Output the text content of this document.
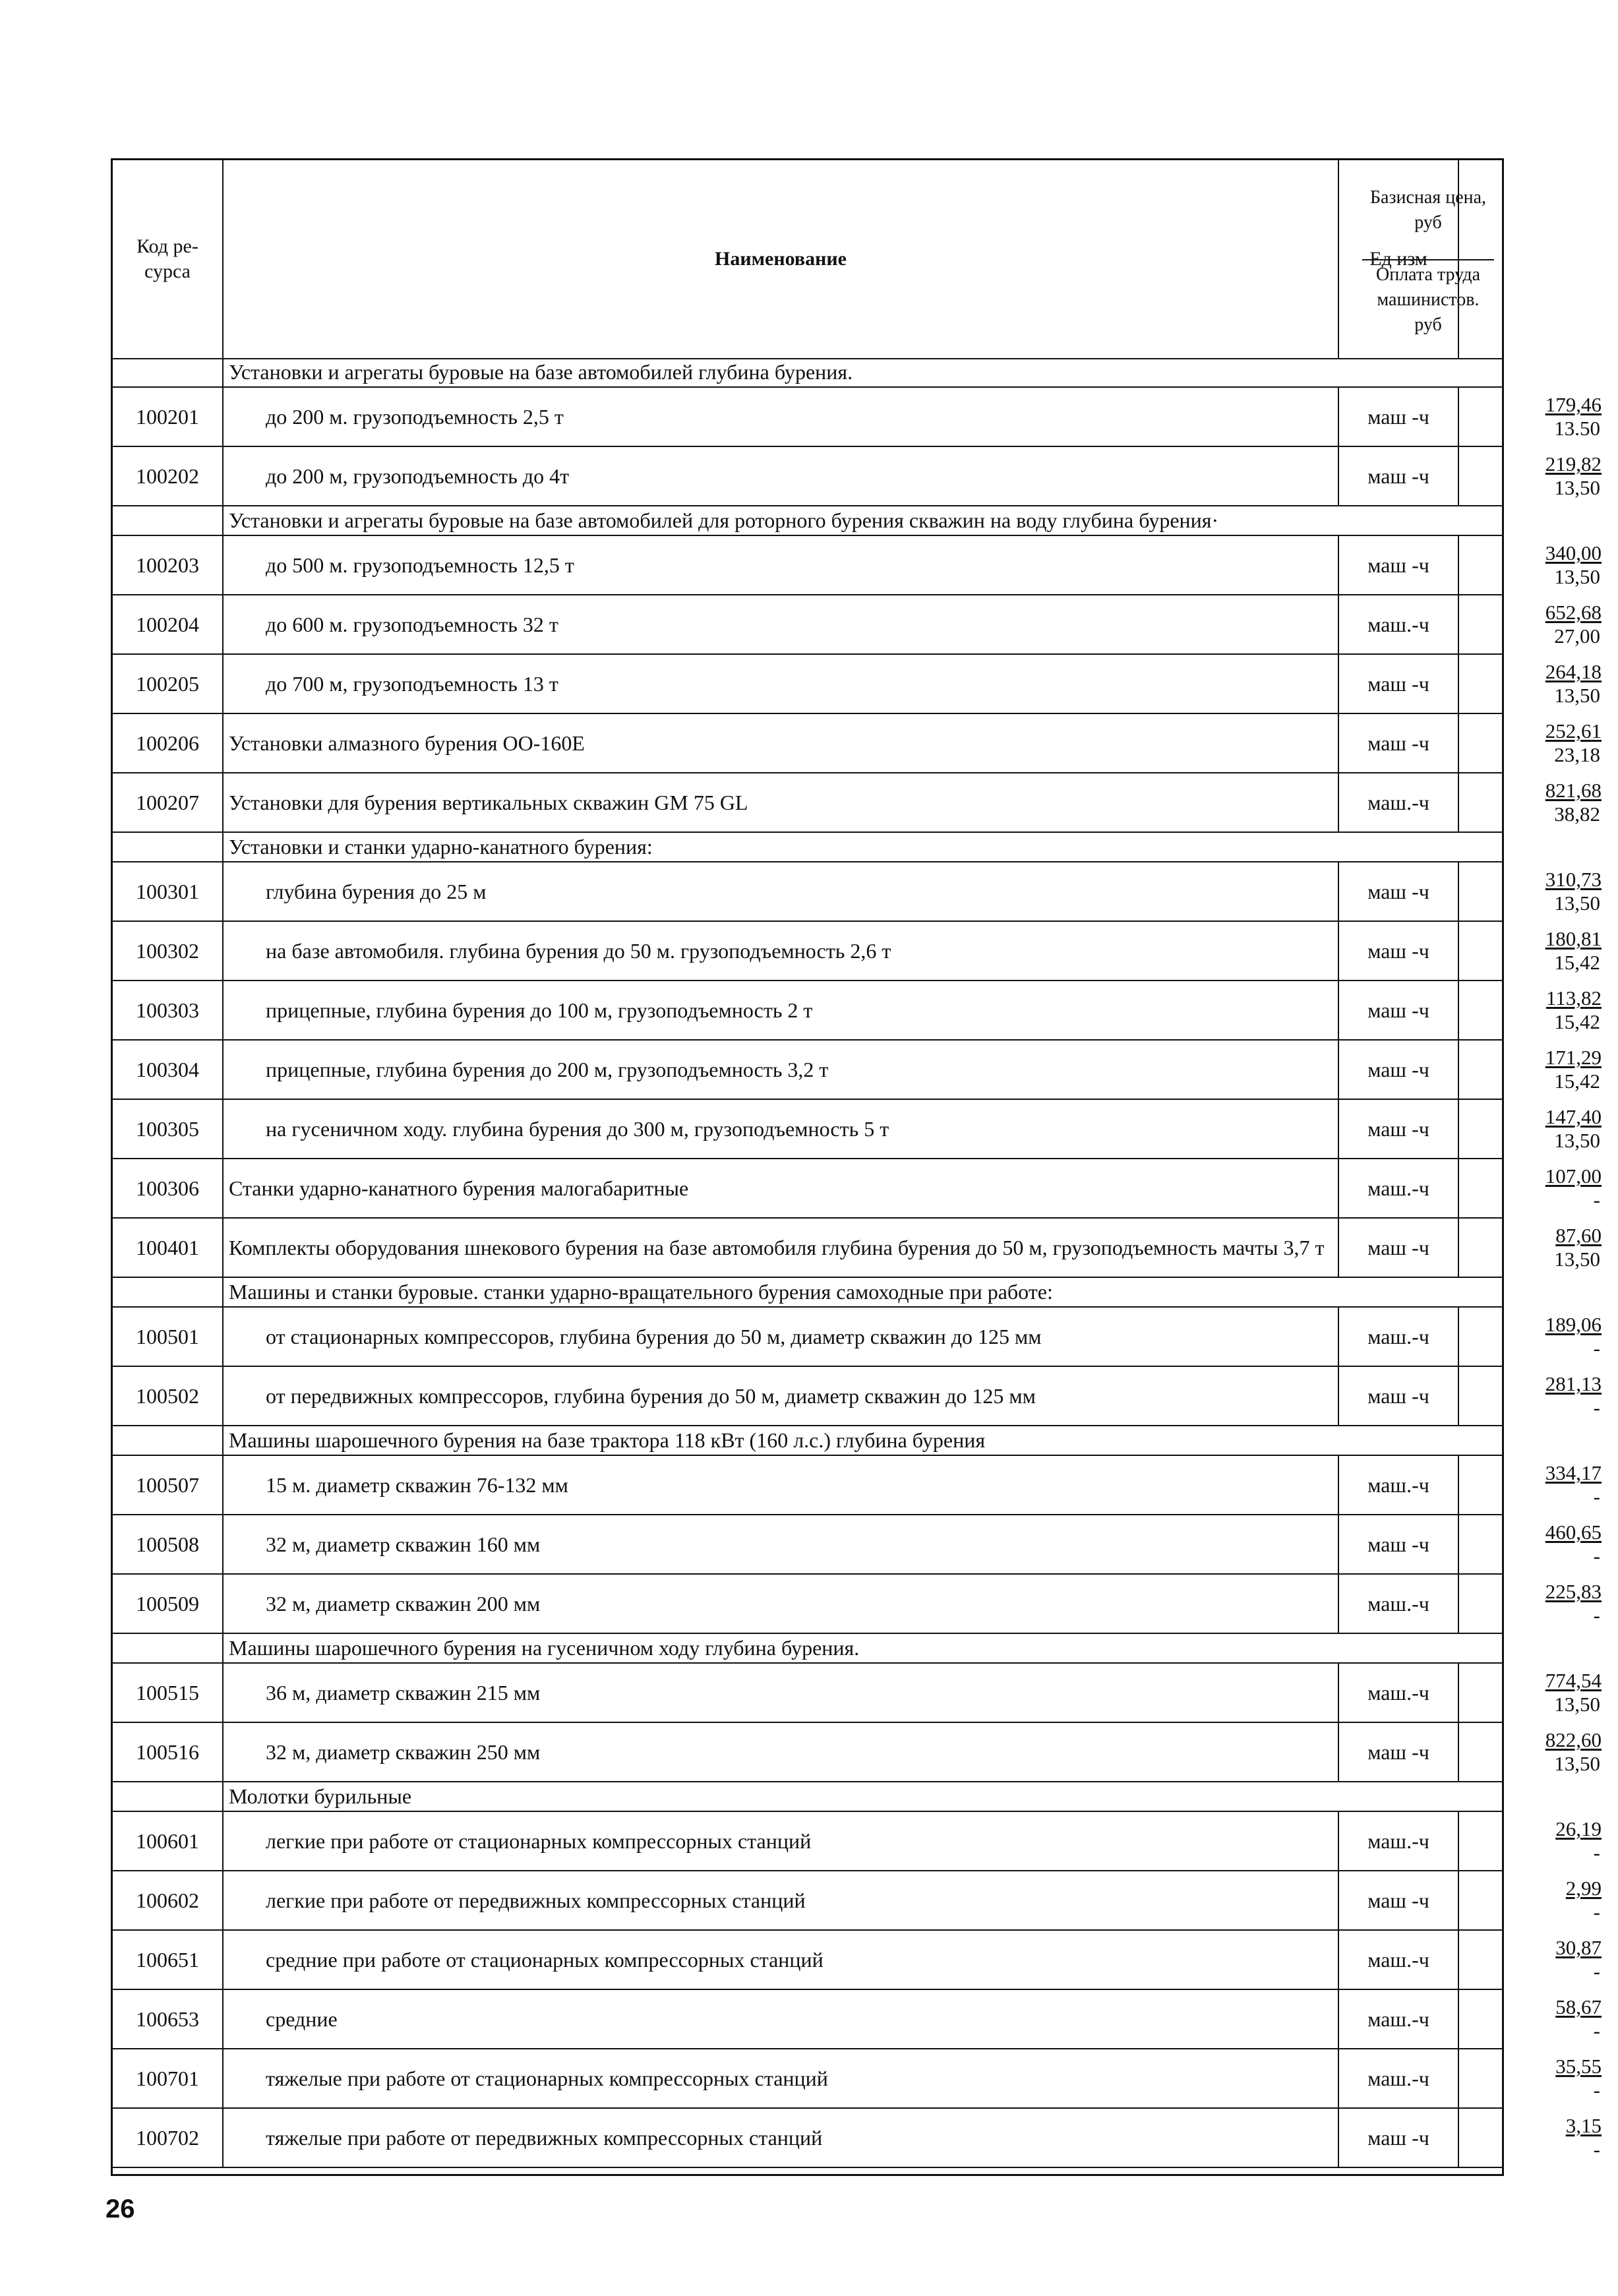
Код ре-
сурса
Наименование	Ед изм
Базисная цена,
руб
Оплата труда
машинистов.
руб
Установки и агрегаты буровые на базе автомобилей глубина бурения.
100201	до 200 м. грузоподъемность 2,5 т	маш -ч	179,46
13.50
100202	до 200 м, грузоподъемность до 4т	маш -ч	219,82
13,50
Установки и агрегаты буровые на базе автомобилей для роторного бурения скважин на воду глубина бурения·
100203	до 500 м. грузоподъемность 12,5 т	маш -ч	340,00
13,50
100204	до 600 м. грузоподъемность 32 т	маш.-ч	652,68
27,00
100205	до 700 м, грузоподъемность 13 т	маш -ч	264,18
13,50
100206	Установки алмазного бурения ОО-160Е	маш -ч	252,61
23,18
100207	Установки для бурения вертикальных скважин GM 75 GL	маш.-ч	821,68
38,82
Установки и станки ударно-канатного бурения:
100301	глубина бурения до 25 м	маш -ч	310,73
13,50
100302	на базе автомобиля. глубина бурения до 50 м. грузоподъемность 2,6 т	маш -ч	180,81
15,42
100303	прицепные, глубина бурения до 100 м, грузоподъемность 2 т	маш -ч	113,82
15,42
100304	прицепные, глубина бурения до 200 м, грузоподъемность 3,2 т	маш -ч	171,29
15,42
100305	на гусеничном ходу. глубина бурения до 300 м, грузоподъемность 5 т	маш -ч	147,40
13,50
100306	Станки ударно-канатного бурения малогабаритные	маш.-ч	107,00
-
100401	Комплекты оборудования шнекового бурения на базе автомобиля глубина бурения до 50 м, грузоподъемность мачты 3,7 т	маш -ч	87,60
13,50
Машины и станки буровые. станки ударно-вращательного бурения самоходные при работе:
100501	от стационарных компрессоров, глубина бурения до 50 м, диаметр скважин до 125 мм	маш.-ч	189,06
-
100502	от передвижных компрессоров, глубина бурения до 50 м, диаметр скважин до 125 мм	маш -ч	281,13
-
Машины шарошечного бурения на базе трактора 118 кВт (160 л.с.) глубина бурения
100507	15 м. диаметр скважин 76-132 мм	маш.-ч	334,17
-
100508	32 м, диаметр скважин 160 мм	маш -ч	460,65
-
100509	32 м, диаметр скважин 200 мм	маш.-ч	225,83
-
Машины шарошечного бурения на гусеничном ходу глубина бурения.
100515	36 м, диаметр скважин 215 мм	маш.-ч	774,54
13,50
100516	32 м, диаметр скважин 250 мм	маш -ч	822,60
13,50
Молотки бурильные
100601	легкие при работе от стационарных компрессорных станций	маш.-ч	26,19
-
100602	легкие при работе от передвижных компрессорных станций	маш -ч	2,99
-
100651	средние при работе от стационарных компрессорных станций	маш.-ч	30,87
-
100653	средние	маш.-ч	58,67
-
100701	тяжелые при работе от стационарных компрессорных станций	маш.-ч	35,55
-
100702	тяжелые при работе от передвижных компрессорных станций	маш -ч	3,15
-
26
